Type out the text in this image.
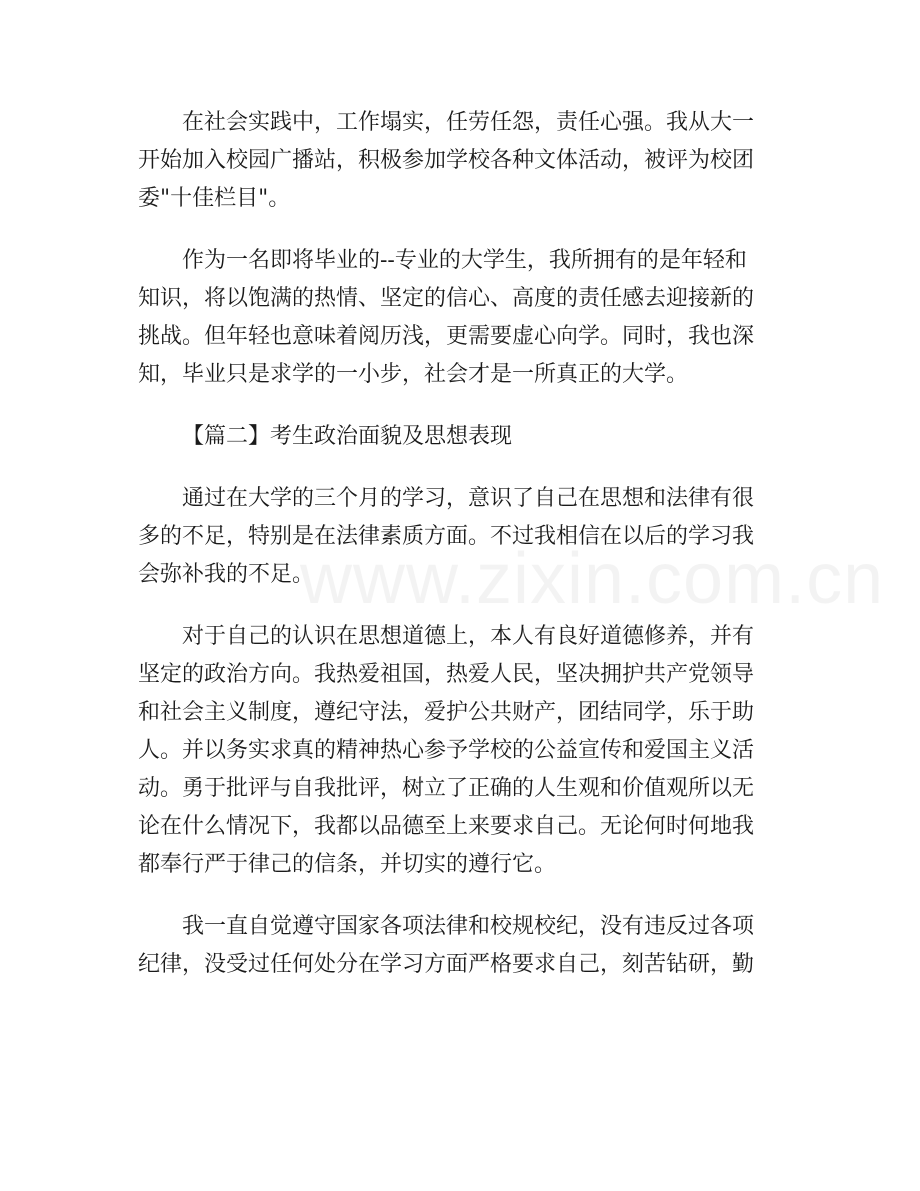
在社会实践中，工作塌实，任劳任怨，责任心强。我从大一
开始加入校园广播站，积极参加学校各种文体活动，被评为校团
委"十佳栏目"。
作为一名即将毕业的--专业的大学生，我所拥有的是年轻和
知识，将以饱满的热情、坚定的信心、高度的责任感去迎接新的
挑战。但年轻也意味着阅历浅，更需要虚心向学。同时，我也深
知，毕业只是求学的一小步，社会才是一所真正的大学。
【篇二】考生政治面貌及思想表现
通过在大学的三个月的学习，意识了自己在思想和法律有很
多的不足，特别是在法律素质方面。不过我相信在以后的学习我
会弥补我的不足。
对于自己的认识在思想道德上，本人有良好道德修养，并有
坚定的政治方向。我热爱祖国，热爱人民，坚决拥护共产党领导
和社会主义制度，遵纪守法，爱护公共财产，团结同学，乐于助
人。并以务实求真的精神热心参予学校的公益宣传和爱国主义活
动。勇于批评与自我批评，树立了正确的人生观和价值观所以无
论在什么情况下，我都以品德至上来要求自己。无论何时何地我
都奉行严于律己的信条，并切实的遵行它。
我一直自觉遵守国家各项法律和校规校纪，没有违反过各项
纪律，没受过任何处分在学习方面严格要求自己，刻苦钻研，勤
